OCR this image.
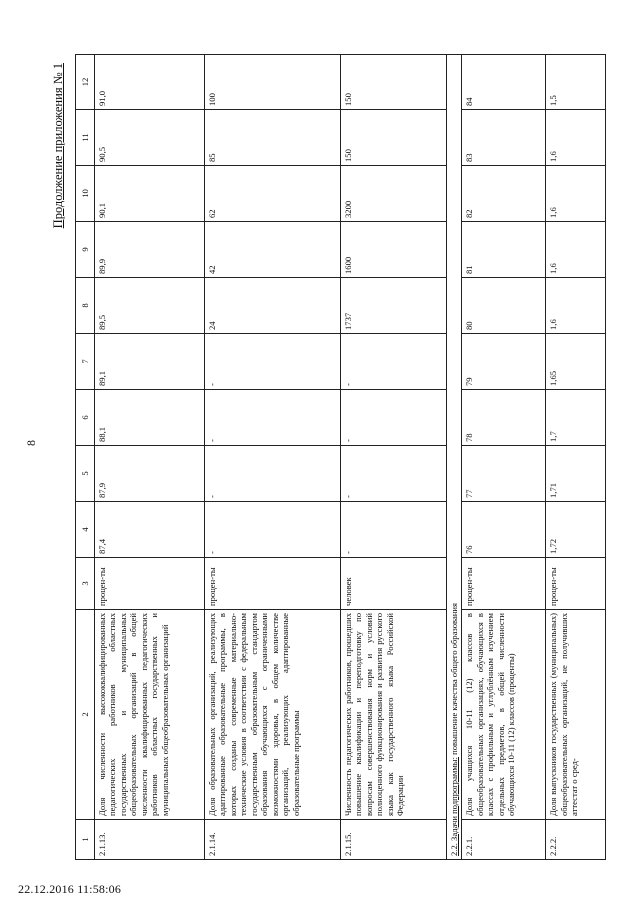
8
Продолжение приложения № 1
1	2	3	4	5	6	7	8	9	10	11	12
2.1.13.	Доля численности высококвалифицированных педагогических работников областных государственных и муниципальных общеобразовательных организаций в общей численности квалифицированных педагогических работников областных государственных и муниципальных общеобразовательных организаций	процен-ты	87,4	87,9	88,1	89,1	89,5	89,9	90,1	90,5	91,0
2.1.14.	Доля образовательных организаций, реализующих адаптированные образовательные программы, в которых созданы современные материально-технические условия в соответствии с федеральным государственным образовательным стандартом образования обучающихся с ограниченными возможностями здоровья, в общем количестве организаций, реализующих адаптированные образовательные программы	процен-ты	-	-	-	-	24	42	62	85	100
2.1.15.	Численность педагогических работников, прошедших повышение квалификации и переподготовку по вопросам совершенствования норм и условий полноценного функционирования и развития русского языка как государственного языка Российской Федерации	человек	-	-	-	-	1737	1600	3200	150	150
2.2. Задачи подпрограммы: повышение качества общего образования											
2.2.1.	Доля учащихся 10-11 (12) классов в общеобразовательных организациях, обучающихся в классах с профильным и углублённым изучением отдельных предметов, в общей численности обучающихся 10-11 (12) классов (проценты)	процен-ты	76	77	78	79	80	81	82	83	84
2.2.2.	Доля выпускников государственных (муниципальных) общеобразовательных организаций, не получивших аттестат о сред-	процен-ты	1,72	1,71	1,7	1,65	1,6	1,6	1,6	1,6	1,5
22.12.2016 11:58:06
